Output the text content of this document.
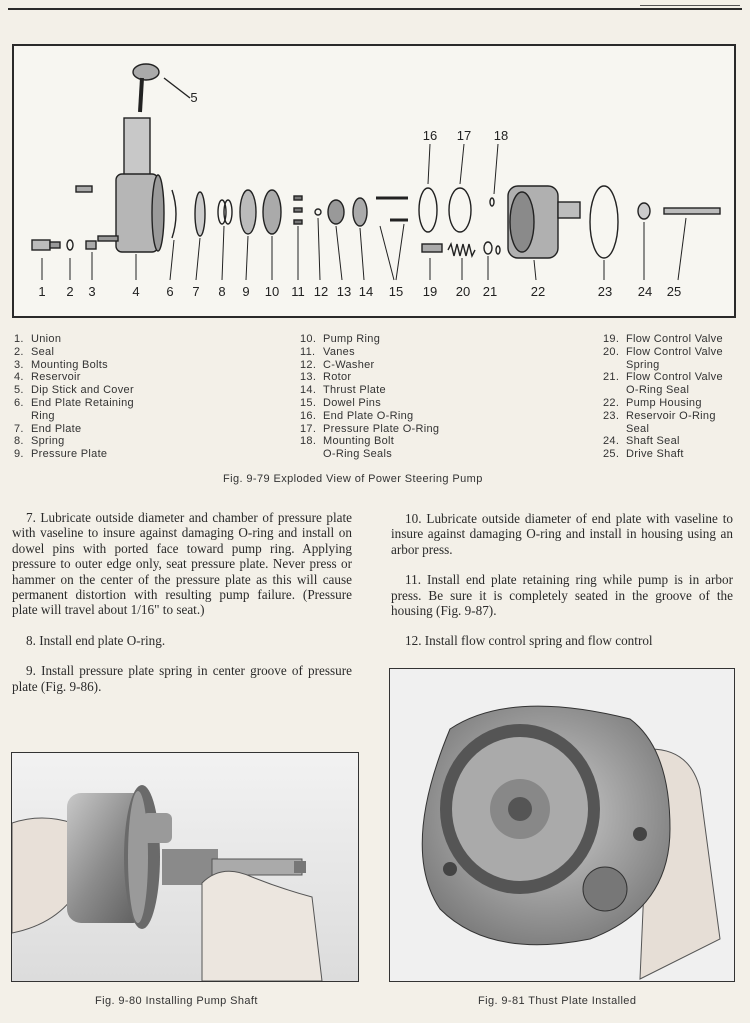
1 2 3	4
5
6 7 8 9 10 11 12 13 14 15
16 17 18
19 20 21	22	23 24 25
1. Union
2. Seal
3. Mounting Bolts
4. Reservoir
5. Dip Stick and Cover
6. End Plate Retaining
Ring
7. End Plate
8. Spring
9. Pressure Plate
10. Pump Ring
11. Vanes
12. C-Washer
13. Rotor
14. Thrust Plate
15. Dowel Pins
16. End Plate O-Ring
17. Pressure Plate O-Ring
18. Mounting Bolt
O-Ring Seals
19. Flow Control Valve
20. Flow Control Valve
Spring
21. Flow Control Valve
O-Ring Seal
22. Pump Housing
23. Reservoir O-Ring
Seal
24. Shaft Seal
25. Drive Shaft
Fig. 9-79 Exploded View of Power Steering Pump

7. Lubricate outside diameter and chamber of pressure plate with vaseline to insure against damaging O-ring and install on dowel pins with ported face toward pump ring. Applying pressure to outer edge only, seat pressure plate. Never press or hammer on the center of the pressure plate as this will cause permanent distortion with resulting pump failure. (Pressure plate will travel about 1/16" to seat.)

8. Install end plate O-ring.

9. Install pressure plate spring in center groove of pressure plate (Fig. 9-86).

10. Lubricate outside diameter of end plate with vaseline to insure against damaging O-ring and install in housing using an arbor press.

11. Install end plate retaining ring while pump is in arbor press. Be sure it is completely seated in the groove of the housing (Fig. 9-87).

12. Install flow control spring and flow control

Fig. 9-80 Installing Pump Shaft	Fig. 9-81 Thust Plate Installed
